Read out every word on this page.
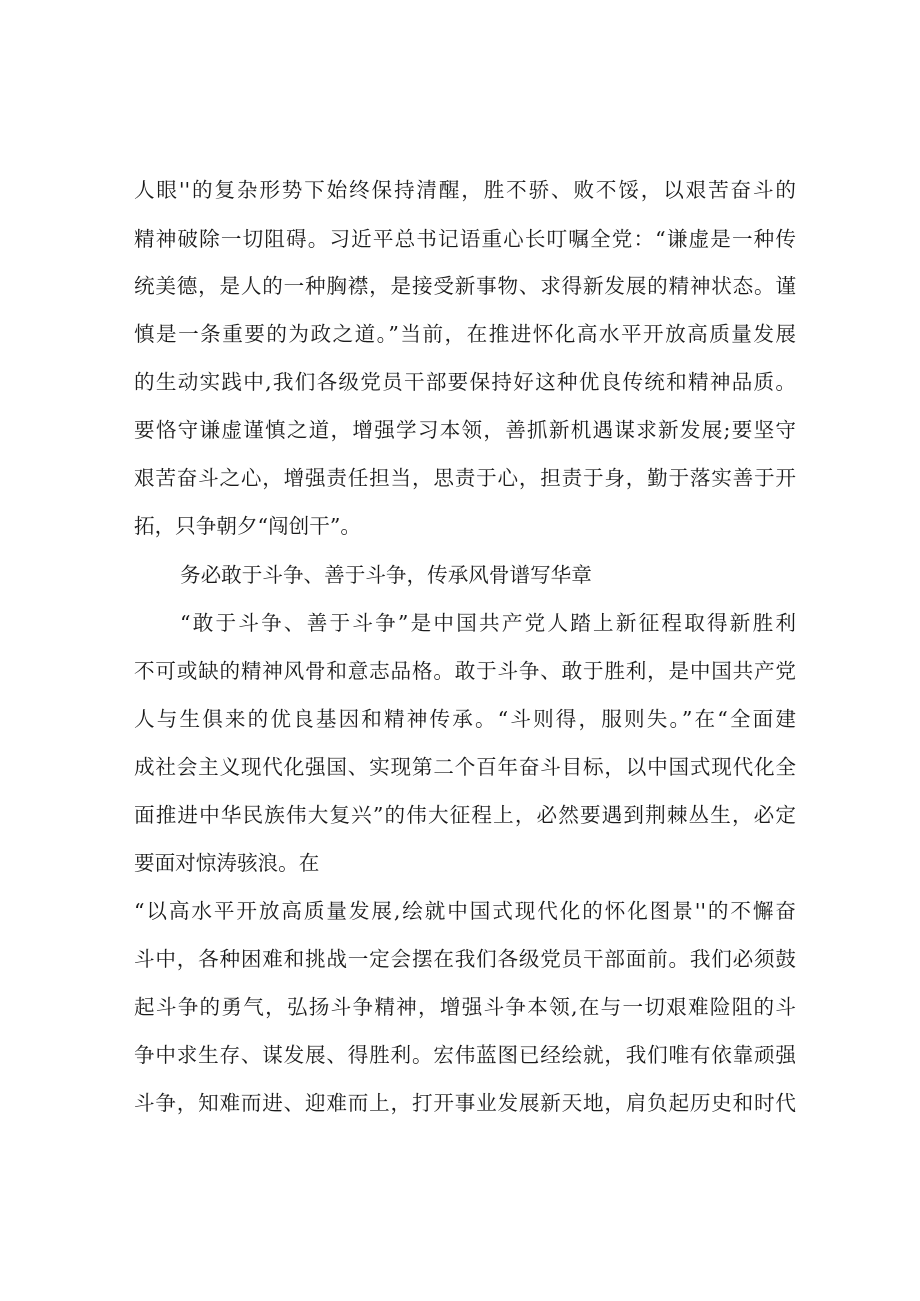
人眼''的复杂形势下始终保持清醒，胜不骄、败不馁，以艰苦奋斗的

精神破除一切阻碍。习近平总书记语重心长叮嘱全党：“谦虚是一种传

统美德，是人的一种胸襟，是接受新事物、求得新发展的精神状态。谨

慎是一条重要的为政之道。”当前，在推进怀化高水平开放高质量发展

的生动实践中,我们各级党员干部要保持好这种优良传统和精神品质。

要恪守谦虚谨慎之道，增强学习本领，善抓新机遇谋求新发展;要坚守

艰苦奋斗之心，增强责任担当，思责于心，担责于身，勤于落实善于开

拓，只争朝夕“闯创干”。

务必敢于斗争、善于斗争，传承风骨谱写华章

“敢于斗争、善于斗争”是中国共产党人踏上新征程取得新胜利

不可或缺的精神风骨和意志品格。敢于斗争、敢于胜利，是中国共产党

人与生俱来的优良基因和精神传承。“斗则得，服则失。”在“全面建

成社会主义现代化强国、实现第二个百年奋斗目标，以中国式现代化全

面推进中华民族伟大复兴”的伟大征程上，必然要遇到荆棘丛生，必定

要面对惊涛骇浪。在

“以高水平开放高质量发展,绘就中国式现代化的怀化图景''的不懈奋

斗中，各种困难和挑战一定会摆在我们各级党员干部面前。我们必须鼓

起斗争的勇气，弘扬斗争精神，增强斗争本领,在与一切艰难险阻的斗

争中求生存、谋发展、得胜利。宏伟蓝图已经绘就，我们唯有依靠顽强

斗争，知难而进、迎难而上，打开事业发展新天地，肩负起历史和时代
